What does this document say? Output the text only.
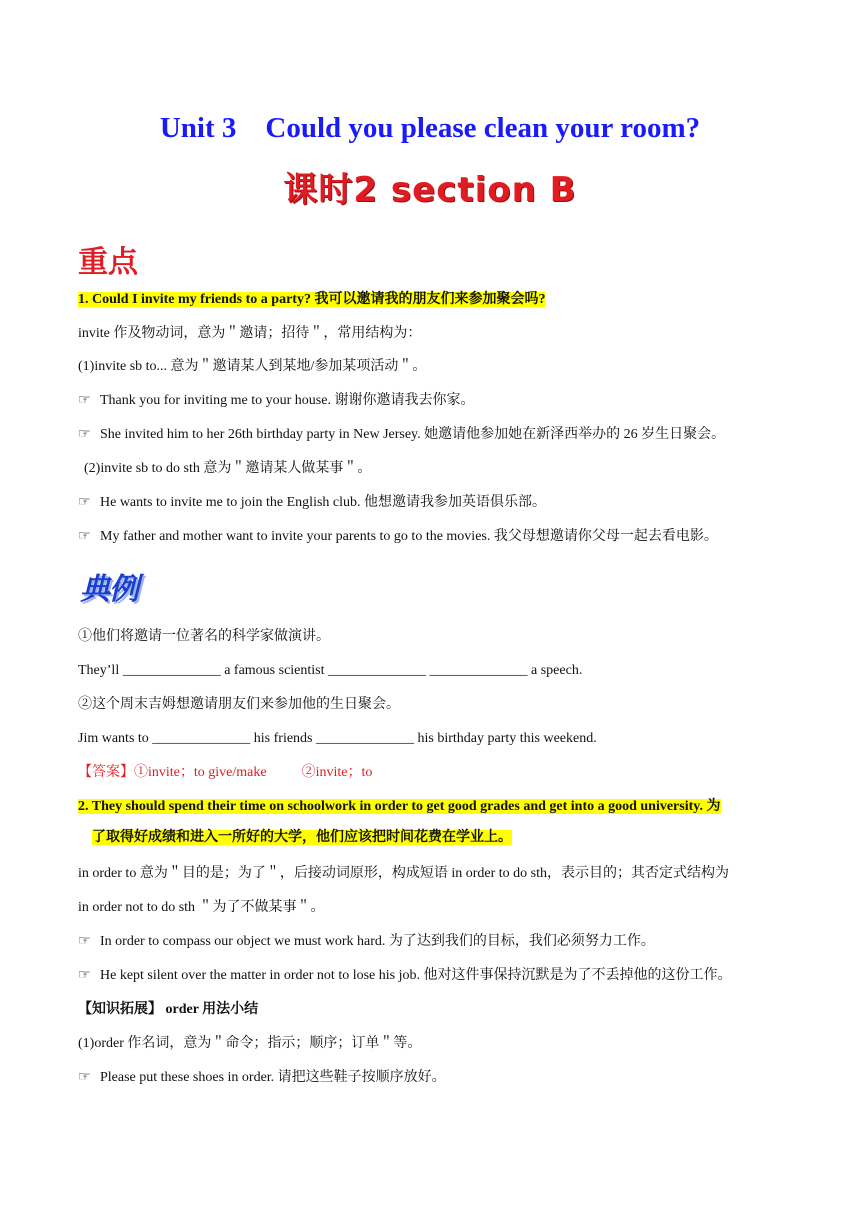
Unit 3    Could you please clean your room?
课时2 section B
重点
1. Could I invite my friends to a party? 我可以邀请我的朋友们来参加聚会吗?
invite 作及物动词，意为＂邀请；招待＂，常用结构为：
(1)invite sb to... 意为＂邀请某人到某地/参加某项活动＂。
☞ Thank you for inviting me to your house. 谢谢你邀请我去你家。
☞ She invited him to her 26th birthday party in New Jersey. 她邀请他参加她在新泽西举办的 26 岁生日聚会。
(2)invite sb to do sth 意为＂邀请某人做某事＂。
☞ He wants to invite me to join the English club. 他想邀请我参加英语俱乐部。
☞ My father and mother want to invite your parents to go to the movies. 我父母想邀请你父母一起去看电影。
典例
①他们将邀请一位著名的科学家做演讲。
They’ll ______________ a famous scientist ______________ ______________ a speech.
②这个周末吉姆想邀请朋友们来参加他的生日聚会。
Jim wants to ______________ his friends ______________ his birthday party this weekend.
【答案】①invite；to give/make          ②invite；to
2. They should spend their time on schoolwork in order to get good grades and get into a good university. 为
了取得好成绩和进入一所好的大学，他们应该把时间花费在学业上。
in order to 意为＂目的是；为了＂，后接动词原形，构成短语 in order to do sth，表示目的；其否定式结构为
in order not to do sth ＂为了不做某事＂。
☞ In order to compass our object we must work hard. 为了达到我们的目标，我们必须努力工作。
☞ He kept silent over the matter in order not to lose his job. 他对这件事保持沉默是为了不丢掉他的这份工作。
【知识拓展】 order 用法小结
(1)order 作名词，意为＂命令；指示；顺序；订单＂等。
☞ Please put these shoes in order. 请把这些鞋子按顺序放好。
